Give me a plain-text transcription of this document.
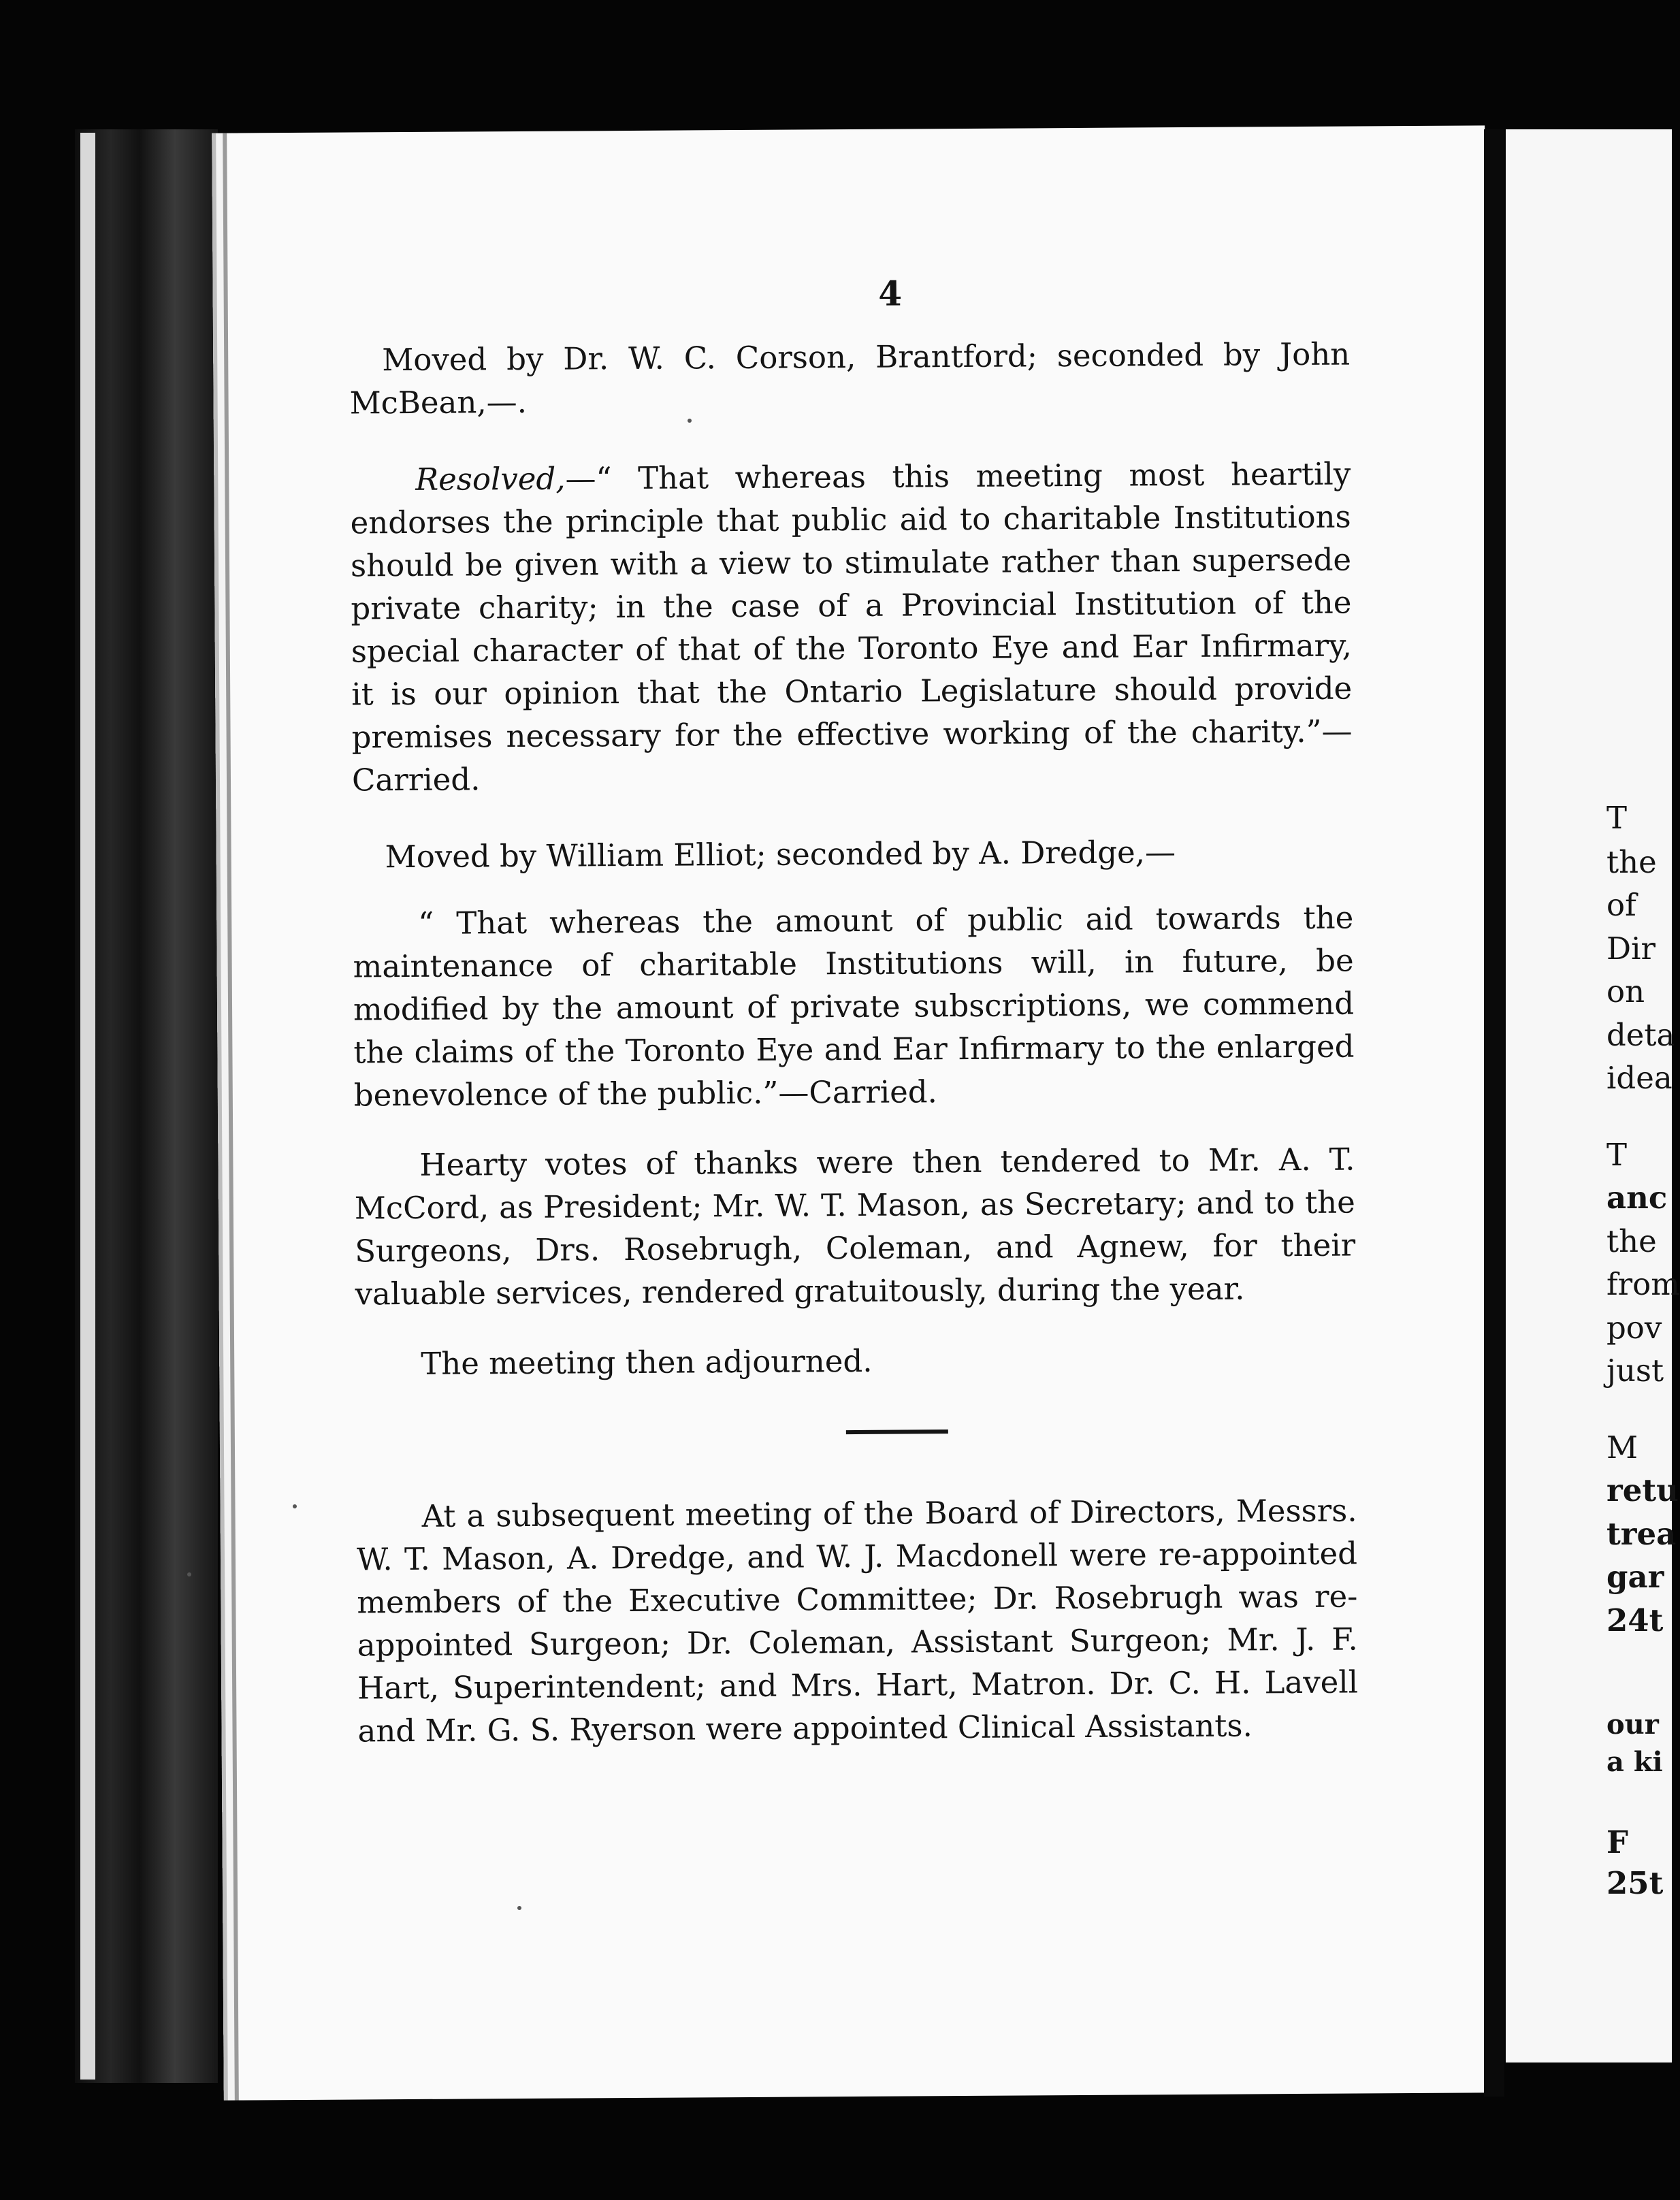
4

Moved by Dr. W. C. Corson, Brantford; seconded by John McBean,—.

Resolved,—“ That whereas this meeting most heartily endorses the principle that public aid to charitable Institutions should be given with a view to stimulate rather than supersede private charity; in the case of a Provincial Institution of the special character of that of the Toronto Eye and Ear Infirmary, it is our opinion that the Ontario Legislature should provide premises necessary for the effective working of the charity.”—Carried.

Moved by William Elliot; seconded by A. Dredge,—

“ That whereas the amount of public aid towards the maintenance of charitable Institutions will, in future, be modified by the amount of private subscriptions, we commend the claims of the Toronto Eye and Ear Infirmary to the enlarged benevolence of the public.”—Carried.

Hearty votes of thanks were then tendered to Mr. A. T. McCord, as President; Mr. W. T. Mason, as Secretary; and to the Surgeons, Drs. Rosebrugh, Coleman, and Agnew, for their valuable services, rendered gratuitously, during the year.

The meeting then adjourned.

At a subsequent meeting of the Board of Directors, Messrs. W. T. Mason, A. Dredge, and W. J. Macdonell were re-appointed members of the Executive Committee; Dr. Rosebrugh was re-appointed Surgeon; Dr. Coleman, Assistant Surgeon; Mr. J. F. Hart, Superintendent; and Mrs. Hart, Matron. Dr. C. H. Lavell and Mr. G. S. Ryerson were appointed Clinical Assistants.

T
the
of
Dir
on
deta
idea
T
anc
the
from
pov
just
M
retu
trea
gar
24t
our
a ki
F
25t
